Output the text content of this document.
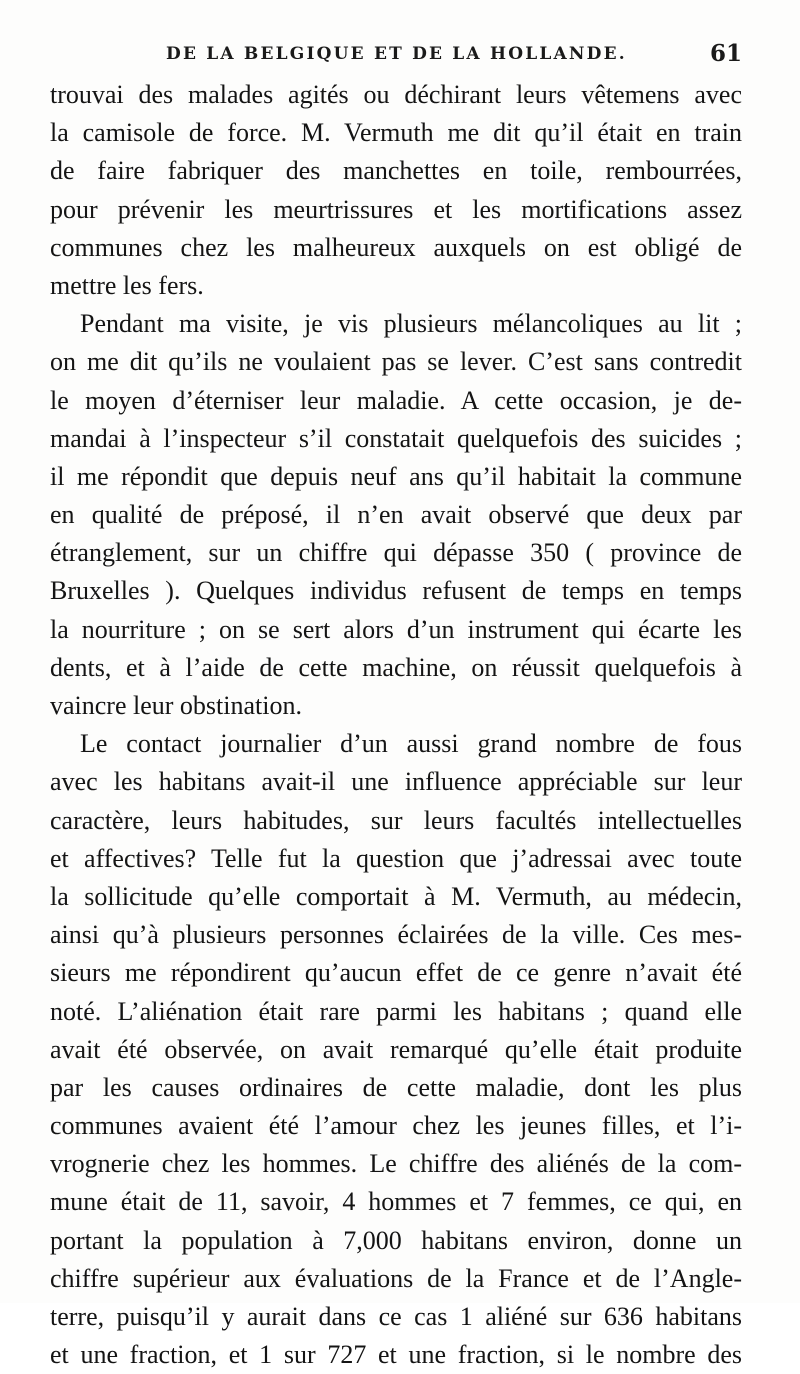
DE LA BELGIQUE ET DE LA HOLLANDE.	61
trouvai des malades agités ou déchirant leurs vêtemens avec
la camisole de force. M. Vermuth me dit qu’il était en train
de faire fabriquer des manchettes en toile, rembourrées,
pour prévenir les meurtrissures et les mortifications assez
communes chez les malheureux auxquels on est obligé de
mettre les fers.
Pendant ma visite, je vis plusieurs mélancoliques au lit ;
on me dit qu’ils ne voulaient pas se lever. C’est sans contredit
le moyen d’éterniser leur maladie. A cette occasion, je de-
mandai à l’inspecteur s’il constatait quelquefois des suicides ;
il me répondit que depuis neuf ans qu’il habitait la commune
en qualité de préposé, il n’en avait observé que deux par
étranglement, sur un chiffre qui dépasse 350 ( province de
Bruxelles ). Quelques individus refusent de temps en temps
la nourriture ; on se sert alors d’un instrument qui écarte les
dents, et à l’aide de cette machine, on réussit quelquefois à
vaincre leur obstination.
Le contact journalier d’un aussi grand nombre de fous
avec les habitans avait-il une influence appréciable sur leur
caractère, leurs habitudes, sur leurs facultés intellectuelles
et affectives? Telle fut la question que j’adressai avec toute
la sollicitude qu’elle comportait à M. Vermuth, au médecin,
ainsi qu’à plusieurs personnes éclairées de la ville. Ces mes-
sieurs me répondirent qu’aucun effet de ce genre n’avait été
noté. L’aliénation était rare parmi les habitans ; quand elle
avait été observée, on avait remarqué qu’elle était produite
par les causes ordinaires de cette maladie, dont les plus
communes avaient été l’amour chez les jeunes filles, et l’i-
vrognerie chez les hommes. Le chiffre des aliénés de la com-
mune était de 11, savoir, 4 hommes et 7 femmes, ce qui, en
portant la population à 7,000 habitans environ, donne un
chiffre supérieur aux évaluations de la France et de l’Angle-
terre, puisqu’il y aurait dans ce cas 1 aliéné sur 636 habitans
et une fraction, et 1 sur 727 et une fraction, si le nombre des
